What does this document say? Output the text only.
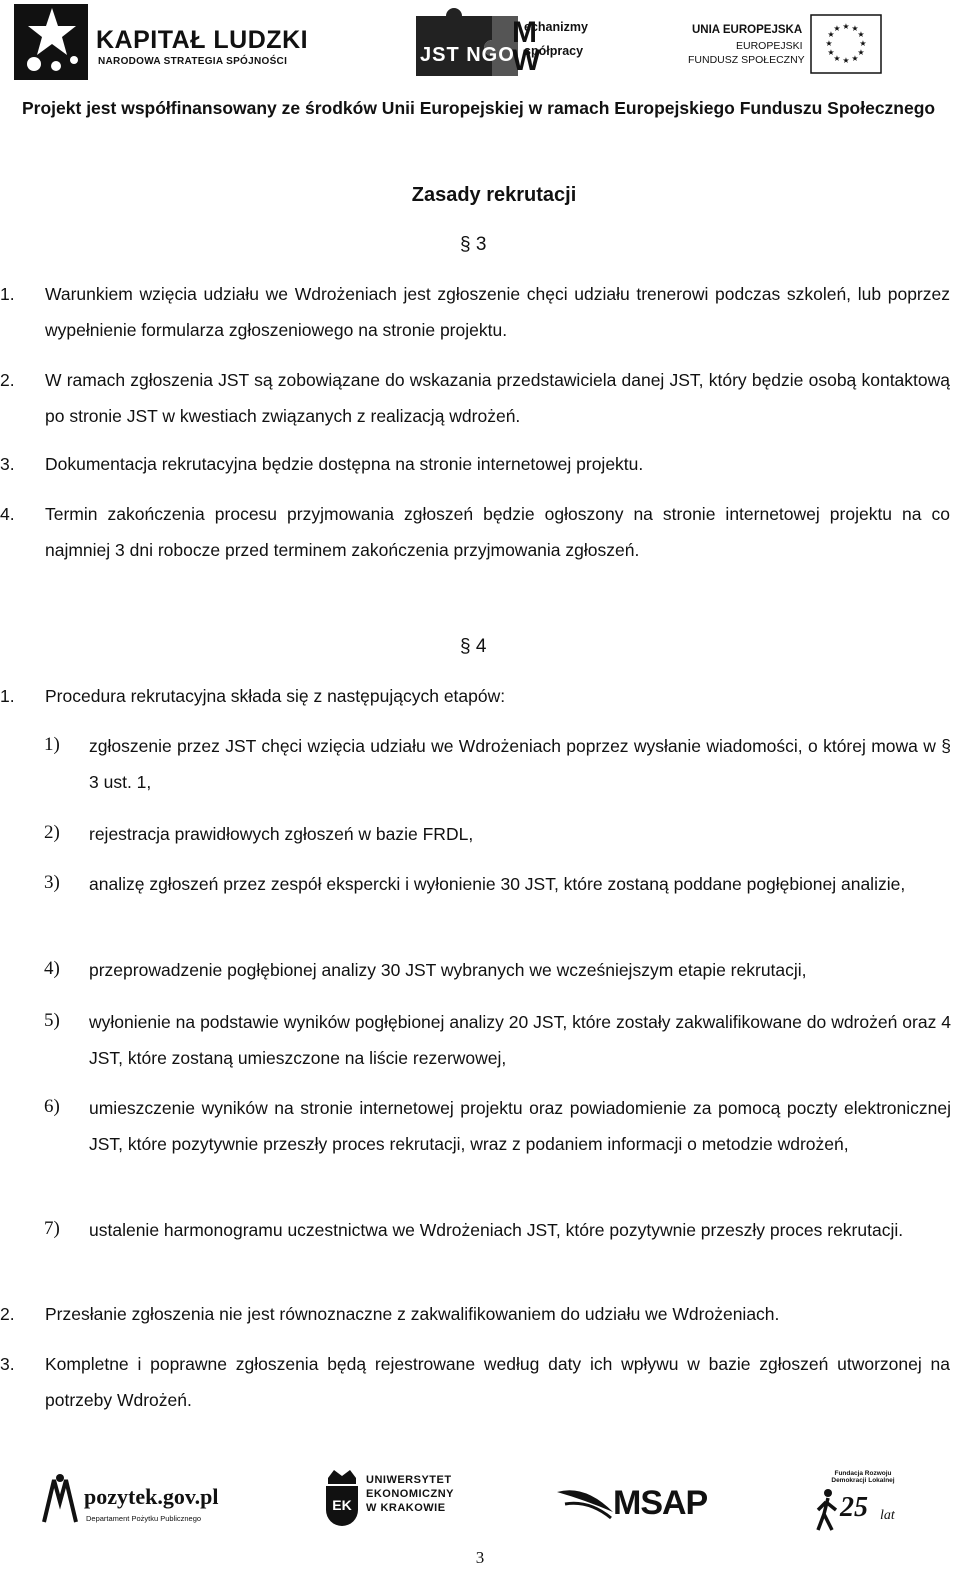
KAPITAŁ LUDZKI
NARODOWA STRATEGIA SPÓJNOŚCI
M
W
JST NGO
echanizmy
spółpracy
UNIA EUROPEJSKA
EUROPEJSKI
FUNDUSZ SPOŁECZNY
★ ★
★
★
★
★
★
★
★
★
★
★
Projekt jest współfinansowany ze środków Unii Europejskiej w ramach Europejskiego Funduszu Społecznego
Zasady rekrutacji
§ 3
1. Warunkiem wzięcia udziału we Wdrożeniach jest zgłoszenie chęci udziału trenerowi podczas szkoleń, lub poprzez wypełnienie formularza zgłoszeniowego na stronie projektu.

2. W ramach zgłoszenia JST są zobowiązane do wskazania przedstawiciela danej JST, który będzie osobą kontaktową po stronie JST w kwestiach związanych z realizacją wdrożeń.

3. Dokumentacja rekrutacyjna będzie dostępna na stronie internetowej projektu.

4. Termin zakończenia procesu przyjmowania zgłoszeń będzie ogłoszony na stronie internetowej projektu na co najmniej 3 dni robocze przed terminem zakończenia przyjmowania zgłoszeń.

§ 4
1. Procedura rekrutacyjna składa się z następujących etapów:

1) zgłoszenie przez JST chęci wzięcia udziału we Wdrożeniach poprzez wysłanie wiadomości, o której mowa w § 3 ust. 1,

2) rejestracja prawidłowych zgłoszeń w bazie FRDL,

3) analizę zgłoszeń przez zespół ekspercki i wyłonienie 30 JST, które zostaną poddane pogłębionej analizie,

4) przeprowadzenie pogłębionej analizy 30 JST wybranych we wcześniejszym etapie rekrutacji,

5) wyłonienie na podstawie wyników pogłębionej analizy 20 JST, które zostały zakwalifikowane do wdrożeń oraz 4 JST, które zostaną umieszczone na liście rezerwowej,

6) umieszczenie wyników na stronie internetowej projektu oraz powiadomienie za pomocą poczty elektronicznej JST, które pozytywnie przeszły proces rekrutacji, wraz z podaniem informacji o metodzie wdrożeń,

7) ustalenie harmonogramu uczestnictwa we Wdrożeniach JST, które pozytywnie przeszły proces rekrutacji.

2. Przesłanie zgłoszenia nie jest równoznaczne z zakwalifikowaniem do udziału we Wdrożeniach.

3. Kompletne i poprawne zgłoszenia będą rejestrowane według daty ich wpływu w bazie zgłoszeń utworzonej na potrzeby Wdrożeń.

pozytek.gov.pl
Departament Pożytku Publicznego
EK
UNIWERSYTET
EKONOMICZNY
W KRAKOWIE	MSAP
Fundacja Rozwoju
Demokracji Lokalnej
25 lat
3
